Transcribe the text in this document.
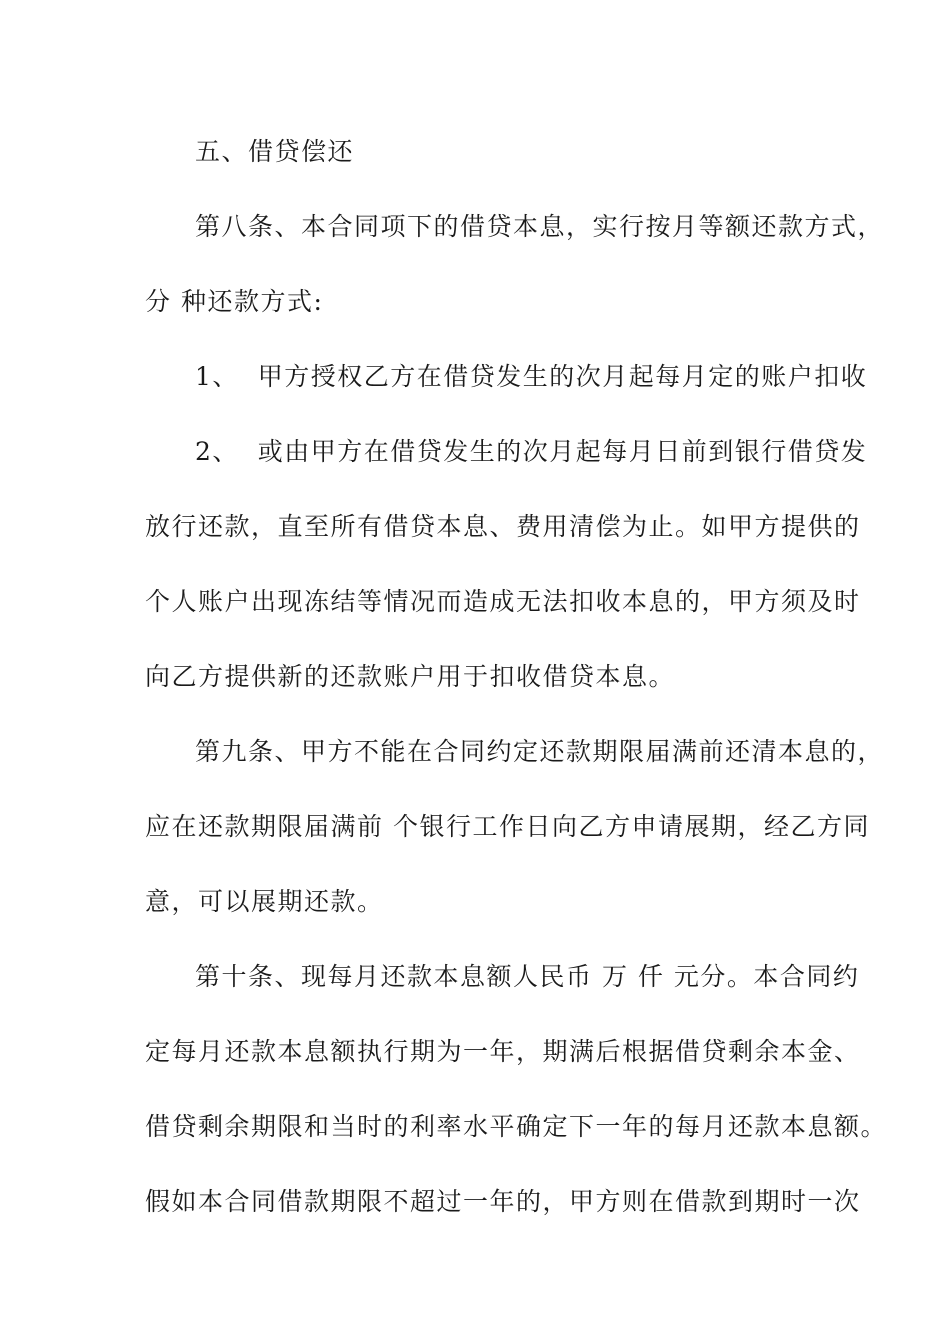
五、借贷偿还
第八条、本合同项下的借贷本息，实行按月等额还款方式，
分 种还款方式:
1、  甲方授权乙方在借贷发生的次月起每月定的账户扣收
2、  或由甲方在借贷发生的次月起每月日前到银行借贷发
放行还款，直至所有借贷本息、费用清偿为止。如甲方提供的
个人账户出现冻结等情况而造成无法扣收本息的，甲方须及时
向乙方提供新的还款账户用于扣收借贷本息。
第九条、甲方不能在合同约定还款期限届满前还清本息的，
应在还款期限届满前 个银行工作日向乙方申请展期，经乙方同
意，可以展期还款。
第十条、现每月还款本息额人民币 万 仟 元分。本合同约
定每月还款本息额执行期为一年，期满后根据借贷剩余本金、
借贷剩余期限和当时的利率水平确定下一年的每月还款本息额。
假如本合同借款期限不超过一年的，甲方则在借款到期时一次
